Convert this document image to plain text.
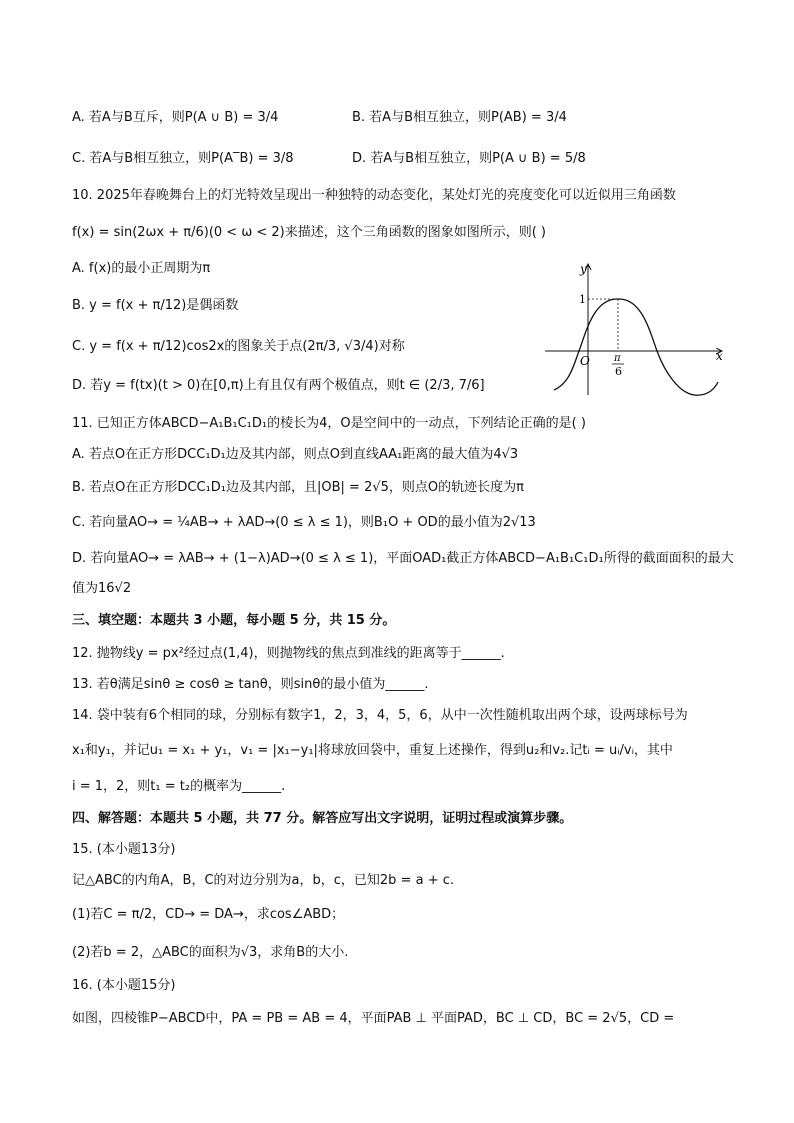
A. 若A与B互斥，则P(A ∪ B) = 3/4	B. 若A与B相互独立，则P(AB) = 3/4
C. 若A与B相互独立，则P(A‾B) = 3/8	D. 若A与B相互独立，则P(A ∪ B) = 5/8
10. 2025年春晚舞台上的灯光特效呈现出一种独特的动态变化，某处灯光的亮度变化可以近似用三角函数
f(x) = sin(2ωx + π/6)(0 < ω < 2)来描述，这个三角函数的图象如图所示，则( )
A. f(x)的最小正周期为π
B. y = f(x + π/12)是偶函数
C. y = f(x + π/12)cos2x的图象关于点(2π/3, √3/4)对称
D. 若y = f(tx)(t > 0)在[0,π)上有且仅有两个极值点，则t ∈ (2/3, 7/6]
y
x
O
1
π
6
11. 已知正方体ABCD−A₁B₁C₁D₁的棱长为4，O是空间中的一动点，下列结论正确的是( )
A. 若点O在正方形DCC₁D₁边及其内部，则点O到直线AA₁距离的最大值为4√3
B. 若点O在正方形DCC₁D₁边及其内部，且|OB| = 2√5，则点O的轨迹长度为π
C. 若向量AO→ = ¼AB→ + λAD→(0 ≤ λ ≤ 1)，则B₁O + OD的最小值为2√13
D. 若向量AO→ = λAB→ + (1−λ)AD→(0 ≤ λ ≤ 1)，平面OAD₁截正方体ABCD−A₁B₁C₁D₁所得的截面面积的最大
值为16√2
三、填空题：本题共 3 小题，每小题 5 分，共 15 分。
12. 抛物线y = px²经过点(1,4)，则抛物线的焦点到准线的距离等于______.
13. 若θ满足sinθ ≥ cosθ ≥ tanθ，则sinθ的最小值为______.
14. 袋中装有6个相同的球，分别标有数字1，2，3，4，5，6，从中一次性随机取出两个球，设两球标号为
x₁和y₁，并记u₁ = x₁ + y₁，v₁ = |x₁−y₁|将球放回袋中，重复上述操作，得到u₂和v₂.记tᵢ = uᵢ/vᵢ，其中
i = 1，2，则t₁ = t₂的概率为______.
四、解答题：本题共 5 小题，共 77 分。解答应写出文字说明，证明过程或演算步骤。
15. (本小题13分)
记△ABC的内角A，B，C的对边分别为a，b，c，已知2b = a + c.
(1)若C = π/2，CD→ = DA→，求cos∠ABD；
(2)若b = 2，△ABC的面积为√3，求角B的大小.
16. (本小题15分)
如图，四棱锥P−ABCD中，PA = PB = AB = 4，平面PAB ⊥ 平面PAD，BC ⊥ CD，BC = 2√5，CD =
